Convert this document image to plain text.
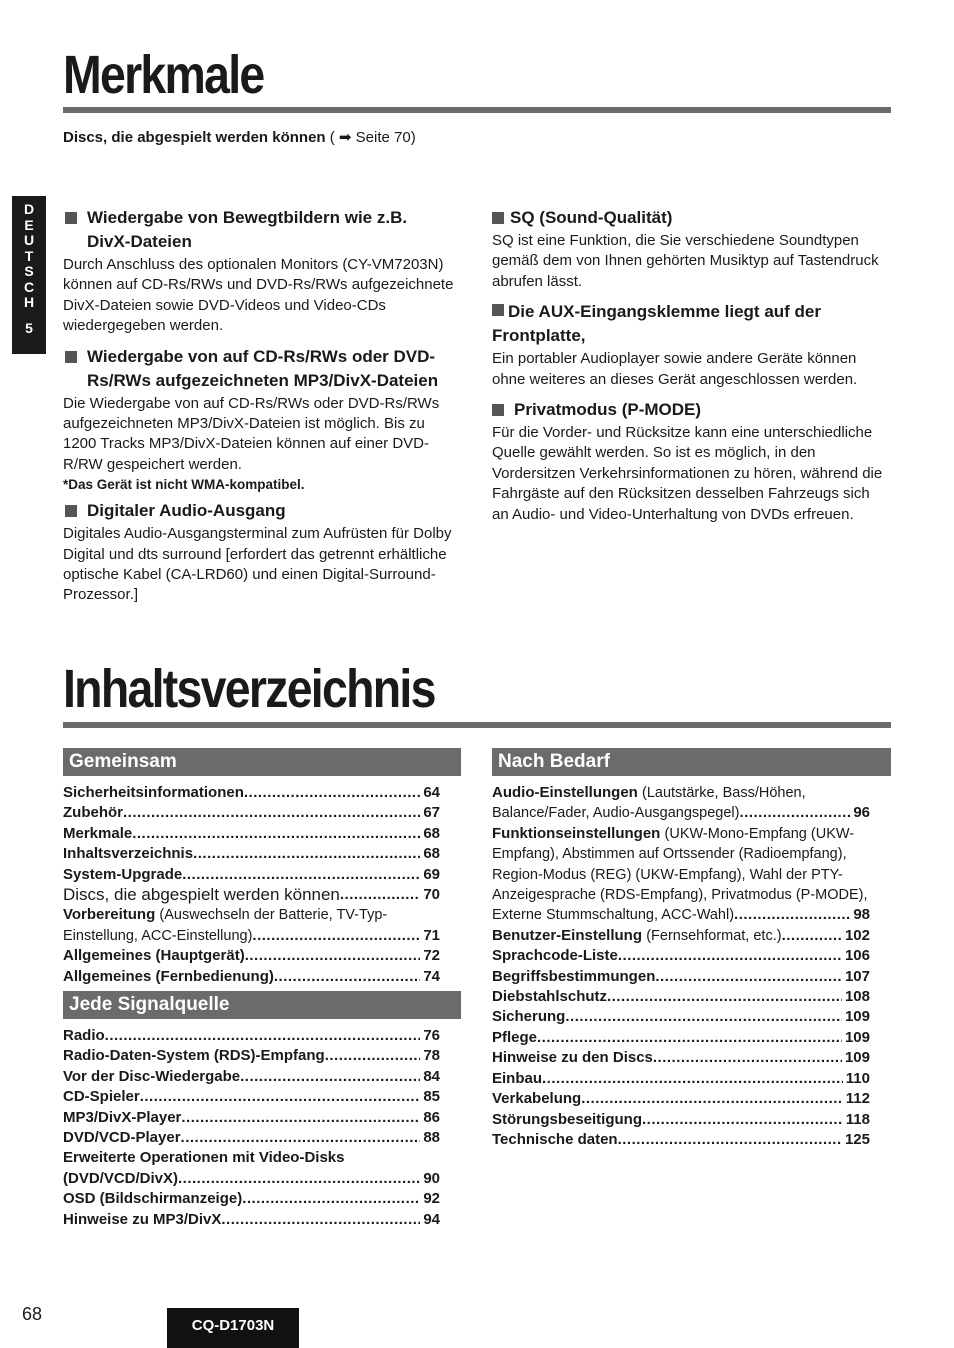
Merkmale
Discs, die abgespielt werden können ( ➡ Seite 70)
D
E
U
T
S
C
H
5
Wiedergabe von Bewegtbildern wie z.B.
DivX-Dateien

Durch Anschluss des optionalen Monitors (CY-VM7203N) können auf CD-Rs/RWs und DVD-Rs/RWs aufgezeichnete DivX-Dateien sowie DVD-Videos und Video-CDs wiedergegeben werden.

Wiedergabe von auf CD-Rs/RWs oder DVD-
Rs/RWs aufgezeichneten MP3/DivX-Dateien

Die Wiedergabe von auf CD-Rs/RWs oder DVD-Rs/RWs aufgezeichneten MP3/DivX-Dateien ist möglich. Bis zu 1200 Tracks MP3/DivX-Dateien können auf einer DVD-R/RW gespeichert werden.

*Das Gerät ist nicht WMA-kompatibel.
Digitaler Audio-Ausgang

Digitales Audio-Ausgangsterminal zum Aufrüsten für Dolby Digital und dts surround [erfordert das getrennt erhältliche optische Kabel (CA-LRD60) und einen Digital-Surround-Prozessor.]

SQ (Sound-Qualität)

SQ ist eine Funktion, die Sie verschiedene Soundtypen gemäß dem von Ihnen gehörten Musiktyp auf Tastendruck abrufen lässt.

Die AUX-Eingangsklemme liegt auf der
Frontplatte,

Ein portabler Audioplayer sowie andere Geräte können ohne weiteres an dieses Gerät angeschlossen werden.

Privatmodus (P-MODE)

Für die Vorder- und Rücksitze kann eine unterschiedliche Quelle gewählt werden. So ist es möglich, in den Vordersitzen Verkehrsinformationen zu hören, während die Fahrgäste auf den Rücksitzen desselben Fahrzeugs sich an Audio- und Video-Unterhaltung von DVDs erfreuen.

Inhaltsverzeichnis
Gemeinsam
Sicherheitsinformationen .....	64
Zubehör .....	67
Merkmale .....	68
Inhaltsverzeichnis .....	68
System-Upgrade .....	69
Discs, die abgespielt werden können .....	70
Vorbereitung
(Auswechseln der Batterie, TV-Typ-
Einstellung, ACC-Einstellung) .....	71
Allgemeines (Hauptgerät) .....	72
Allgemeines (Fernbedienung) .....	74
Jede Signalquelle
Radio .....	76
Radio-Daten-System (RDS)-Empfang .....	78
Vor der Disc-Wiedergabe .....	84
CD-Spieler .....	85
MP3/DivX-Player .....	86
DVD/VCD-Player .....	88
Erweiterte Operationen mit Video-Disks
(DVD/VCD/DivX) .....	90
OSD (Bildschirmanzeige) .....	92
Hinweise zu MP3/DivX .....	94
Nach Bedarf
Audio-Einstellungen
(Lautstärke, Bass/Höhen,
Balance/Fader, Audio-Ausgangspegel) .....	96
Funktionseinstellungen
(UKW-Mono-Empfang (UKW-
Empfang), Abstimmen auf Ortssender (Radioempfang),
Region-Modus (REG) (UKW-Empfang), Wahl der PTY-
Anzeigesprache (RDS-Empfang), Privatmodus (P-MODE),
Externe Stummschaltung, ACC-Wahl) .....	98
Benutzer-Einstellung
(Fernsehformat, etc.) .....	102
Sprachcode-Liste .....	106
Begriffsbestimmungen .....	107
Diebstahlschutz .....	108
Sicherung .....	109
Pflege .....	109
Hinweise zu den Discs .....	109
Einbau .....	110
Verkabelung .....	112
Störungsbeseitigung .....	118
Technische daten .....	125
68
CQ-D1703N
